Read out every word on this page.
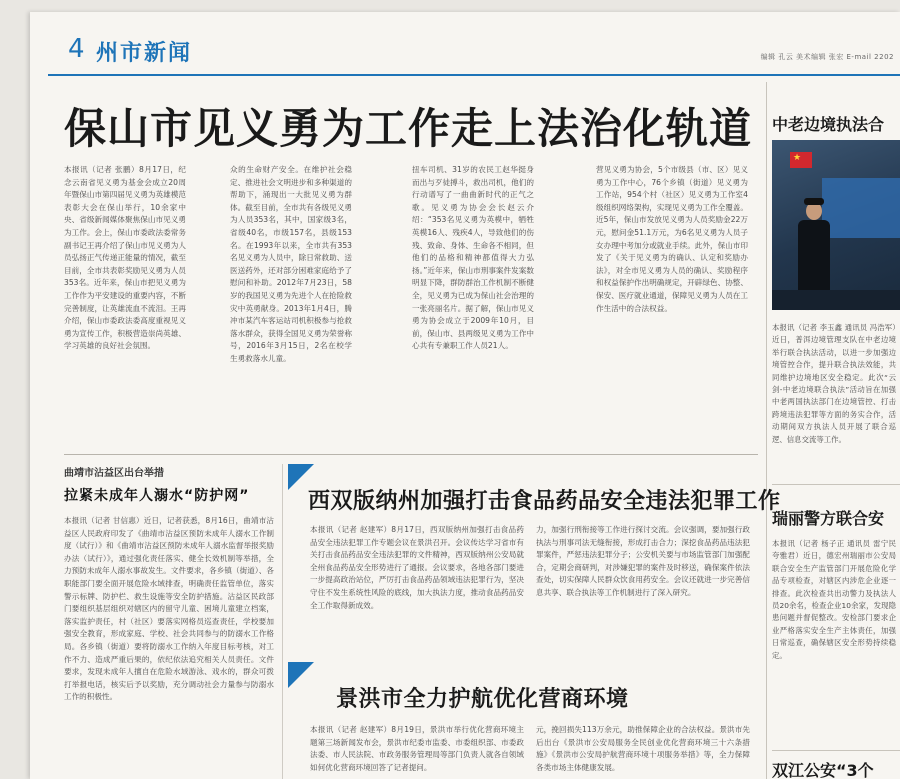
4 州市新闻	编辑 孔云 美术编辑 张宏 E-mail 2202
保山市见义勇为工作走上法治化轨道
本报讯（记者 张鹏）8月17日，纪念云南省见义勇为基金会成立20周年暨保山市第四届见义勇为英雄模范表彰大会在保山举行，10余家中央、省级新闻媒体聚焦保山市见义勇为工作。会上，保山市委政法委常务副书记王再介绍了保山市见义勇为人员弘扬正气传递正能量的情况，截至目前，全市共表彰奖励见义勇为人员353名。近年来，保山市把见义勇为工作作为平安建设的重要内容，不断完善制度，让英雄流血不流泪。王再介绍，保山市委政法委高度重视见义勇为宣传工作，积极营造崇尚英雄、学习英雄的良好社会氛围。
众的生命财产安全。在维护社会稳定、推进社会文明进步和多种渠道的帮助下，涌现出一大批见义勇为群体。截至目前，全市共有各级见义勇为人员353名，其中，国家级3名，省级40名，市级157名，县级153名。在1993年以来，全市共有353名见义勇为人员中，除日常救助、送医送药外，还对部分困难家庭给予了慰问和补助。2012年7月23日，58岁的我国见义勇为先进个人在抢险救灾中英勇献身。2013年1月4日，腾冲市某汽车客运站司机积极参与抢救落水群众，获得全国见义勇为荣誉称号，2016年3月15日，2名在校学生勇救落水儿童。
扭车司机、31岁的农民工赵华挺身而出与歹徒搏斗，救出司机，他们的行动谱写了一曲曲新时代的正气之歌。见义勇为协会会长赵云介绍：“353名见义勇为英模中，牺牲英模16人、残疾4人，导致他们的伤残、致命、身体、生命各不相同，但他们的品格和精神都值得大力弘扬。”近年来，保山市刑事案件发案数明显下降，群防群治工作机制不断健全，见义勇为已成为保山社会治理的一张亮丽名片。据了解，保山市见义勇为协会成立于2009年10月，目前，保山市、县两级见义勇为工作中心共有专兼职工作人员21人。
营见义勇为协会，5个市级县（市、区）见义勇为工作中心，76个乡镇（街道）见义勇为工作站，954个村（社区）见义勇为工作室4级组织网络架构，实现见义勇为工作全覆盖。近5年，保山市发放见义勇为人员奖励金22万元，慰问金51.1万元，为6名见义勇为人员子女办理中考加分或就业手续。此外，保山市印发了《关于见义勇为的确认、认定和奖励办法》，对全市见义勇为人员的确认、奖励程序和权益保护作出明确规定，开辟绿色、协整、保安、医疗就业通道，保障见义勇为人员在工作生活中的合法权益。
曲靖市沾益区出台举措
拉紧未成年人溺水“防护网”
本报讯（记者 甘信惠）近日，记者获悉，8月16日，曲靖市沾益区人民政府印发了《曲靖市沾益区预防未成年人溺水工作制度（试行）》和《曲靖市沾益区预防未成年人溺水监督举报奖励办法（试行）》，通过强化责任落实、健全长效机制等举措，全力预防未成年人溺水事故发生。文件要求，各乡镇（街道）、各职能部门要全面开展危险水域排查，明确责任监管单位，落实警示标牌、防护栏、救生设施等安全防护措施。沾益区民政部门要组织基层组织对辖区内的留守儿童、困境儿童建立档案，落实监护责任，村（社区）要落实网格员巡查责任，学校要加强安全教育，形成家庭、学校、社会共同参与的防溺水工作格局。各乡镇（街道）要将防溺水工作纳入年度目标考核，对工作不力、造成严重后果的，依纪依法追究相关人员责任。文件要求，发现未成年人擅自在危险水域游泳、戏水的，群众可拨打举报电话，核实后予以奖励，充分调动社会力量参与防溺水工作的积极性。
西双版纳州加强打击食品药品安全违法犯罪工作
本报讯（记者 赵建军）8月17日，西双版纳州加强打击食品药品安全违法犯罪工作专题会议在景洪召开。会议传达学习省市有关打击食品药品安全违法犯罪的文件精神，西双版纳州公安局就全州食品药品安全形势进行了通报。会议要求，各地各部门要进一步提高政治站位，严厉打击食品药品领域违法犯罪行为，坚决守住不发生系统性风险的底线，加大执法力度，推动食品药品安全工作取得新成效。
力，加强行刑衔接等工作进行探讨交流。会议强调，要加强行政执法与刑事司法无缝衔接，形成打击合力；深挖食品药品违法犯罪案件，严惩违法犯罪分子；公安机关要与市场监管部门加强配合，定期会商研判，对涉嫌犯罪的案件及时移送，确保案件依法查处，切实保障人民群众饮食用药安全。会议还就进一步完善信息共享、联合执法等工作机制进行了深入研究。
景洪市全力护航优化营商环境
本报讯（记者 赵建军）8月19日，景洪市举行优化营商环境主题第三场新闻发布会，景洪市纪委市监委、市委组织部、市委政法委、市人民法院、市政务服务管理局等部门负责人就各自领域如何优化营商环境回答了记者提问。
元，挽回损失113万余元，助推保障企业的合法权益。景洪市先后出台《景洪市公安局服务全民创业优化营商环境三十六条措施》《景洪市公安局护航营商环境十项服务举措》等，全力保障各类市场主体健康发展。
中老边境执法合
★
本报讯（记者 李玉鑫 通讯员 冯浩军）近日，普洱边境管理支队在中老边境举行联合执法活动，以进一步加强边境管控合作，提升联合执法效能，共同维护边境地区安全稳定。此次“云剑-中老边境联合执法”活动旨在加强中老两国执法部门在边境管控、打击跨境违法犯罪等方面的务实合作，活动期间双方执法人员开展了联合巡逻、信息交流等工作。
瑞丽警方联合安
本报讯（记者 杨子正 通讯员 雷宁民 夸雅君）近日，德宏州瑞丽市公安局联合安全生产监管部门开展危险化学品专项检查，对辖区内涉危企业逐一排查。此次检查共出动警力及执法人员20余名，检查企业10余家，发现隐患问题并督促整改。安检部门要求企业严格落实安全生产主体责任，加强日常巡查，确保辖区安全形势持续稳定。
双江公安“3个
